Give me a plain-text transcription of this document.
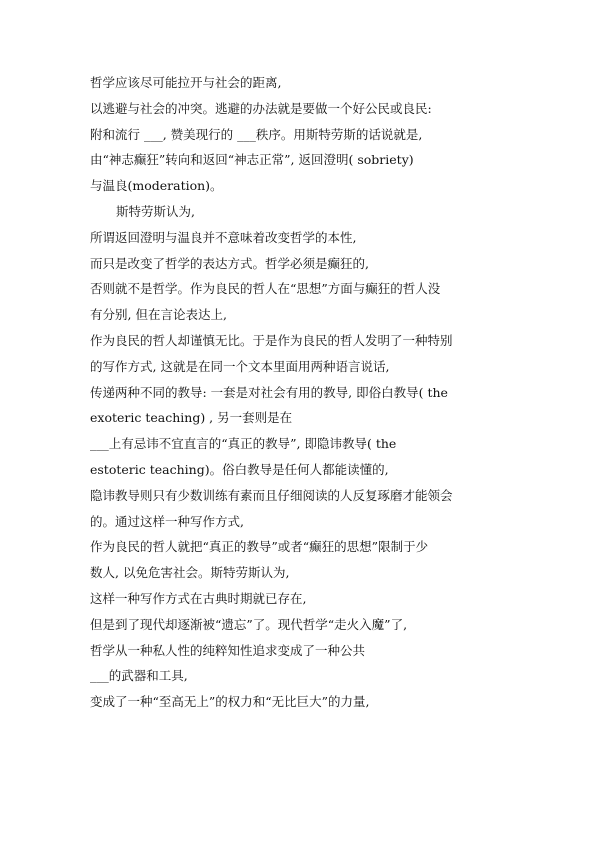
哲学应该尽可能拉开与社会的距离,
以逃避与社会的冲突。逃避的办法就是要做一个好公民或良民:
附和流行 ___, 赞美现行的 ___秩序。用斯特劳斯的话说就是,
由“神志癫狂”转向和返回“神志正常”, 返回澄明( sobriety)
与温良(moderation)。
斯特劳斯认为,
所谓返回澄明与温良并不意味着改变哲学的本性,
而只是改变了哲学的表达方式。哲学必须是癫狂的,
否则就不是哲学。作为良民的哲人在“思想”方面与癫狂的哲人没
有分别, 但在言论表达上,
作为良民的哲人却谨慎无比。于是作为良民的哲人发明了一种特别
的写作方式, 这就是在同一个文本里面用两种语言说话,
传递两种不同的教导: 一套是对社会有用的教导, 即俗白教导( the
exoteric teaching) , 另一套则是在
___上有忌讳不宜直言的“真正的教导”, 即隐讳教导( the
estoteric teaching)。俗白教导是任何人都能读懂的,
隐讳教导则只有少数训练有素而且仔细阅读的人反复琢磨才能领会
的。通过这样一种写作方式,
作为良民的哲人就把“真正的教导”或者“癫狂的思想”限制于少
数人, 以免危害社会。斯特劳斯认为,
这样一种写作方式在古典时期就已存在,
但是到了现代却逐渐被“遗忘”了。现代哲学“走火入魔”了,
哲学从一种私人性的纯粹知性追求变成了一种公共
___的武器和工具,
变成了一种“至高无上”的权力和“无比巨大”的力量,
